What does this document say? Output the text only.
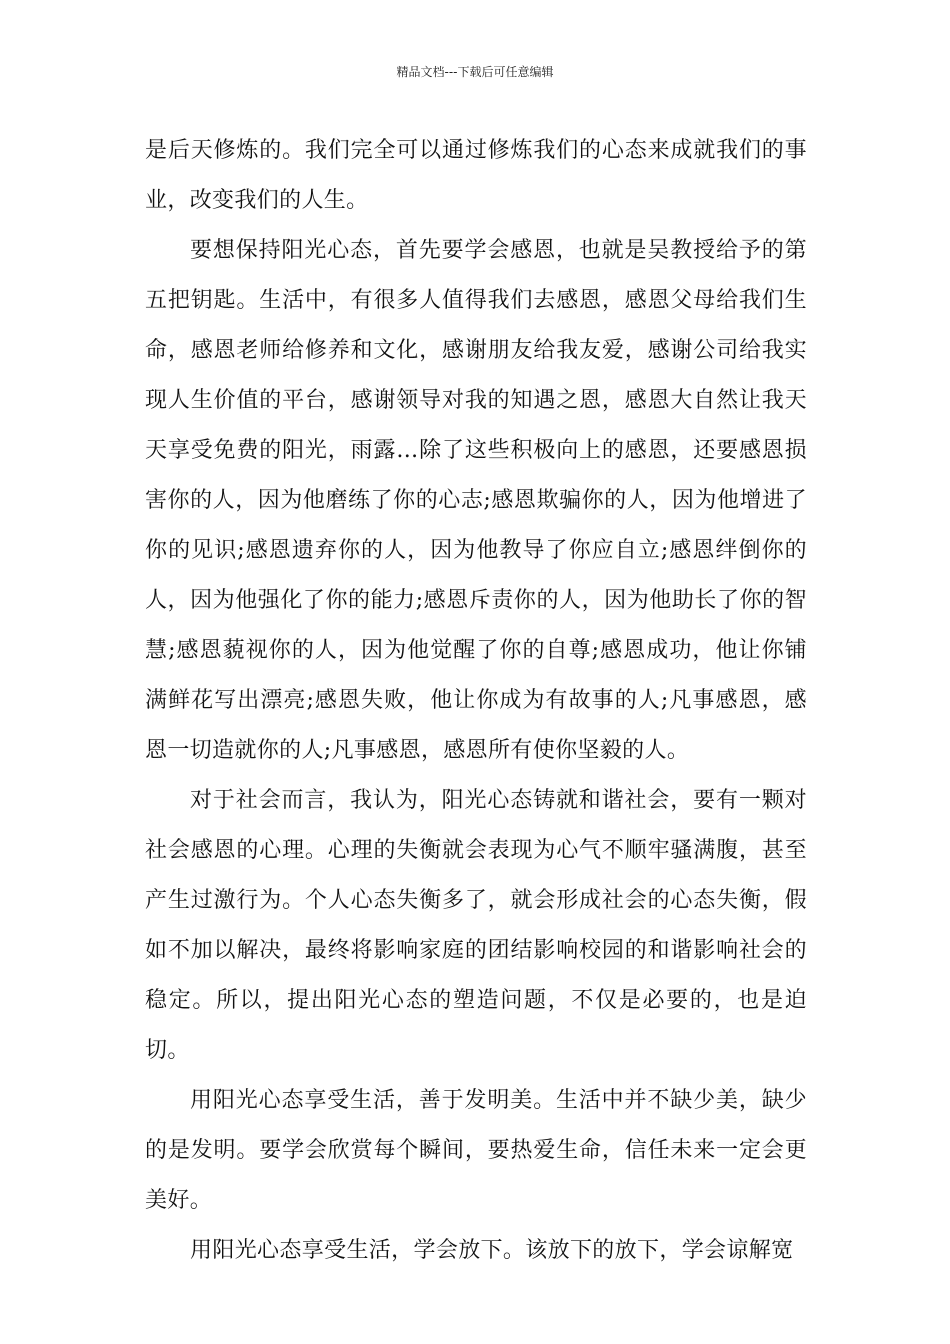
精品文档---下载后可任意编辑

是后天修炼的。我们完全可以通过修炼我们的心态来成就我们的事业，改变我们的人生。

要想保持阳光心态，首先要学会感恩，也就是吴教授给予的第五把钥匙。生活中，有很多人值得我们去感恩，感恩父母给我们生命，感恩老师给修养和文化，感谢朋友给我友爱，感谢公司给我实现人生价值的平台，感谢领导对我的知遇之恩，感恩大自然让我天天享受免费的阳光，雨露…除了这些积极向上的感恩，还要感恩损害你的人，因为他磨练了你的心志;感恩欺骗你的人，因为他增进了你的见识;感恩遗弃你的人，因为他教导了你应自立;感恩绊倒你的人，因为他强化了你的能力;感恩斥责你的人，因为他助长了你的智慧;感恩藐视你的人，因为他觉醒了你的自尊;感恩成功，他让你铺满鲜花写出漂亮;感恩失败，他让你成为有故事的人;凡事感恩，感恩一切造就你的人;凡事感恩，感恩所有使你坚毅的人。

对于社会而言，我认为，阳光心态铸就和谐社会，要有一颗对社会感恩的心理。心理的失衡就会表现为心气不顺牢骚满腹，甚至产生过激行为。个人心态失衡多了，就会形成社会的心态失衡，假如不加以解决，最终将影响家庭的团结影响校园的和谐影响社会的稳定。所以，提出阳光心态的塑造问题，不仅是必要的，也是迫切。

用阳光心态享受生活，善于发明美。生活中并不缺少美，缺少的是发明。要学会欣赏每个瞬间，要热爱生命，信任未来一定会更美好。

用阳光心态享受生活，学会放下。该放下的放下，学会谅解宽
